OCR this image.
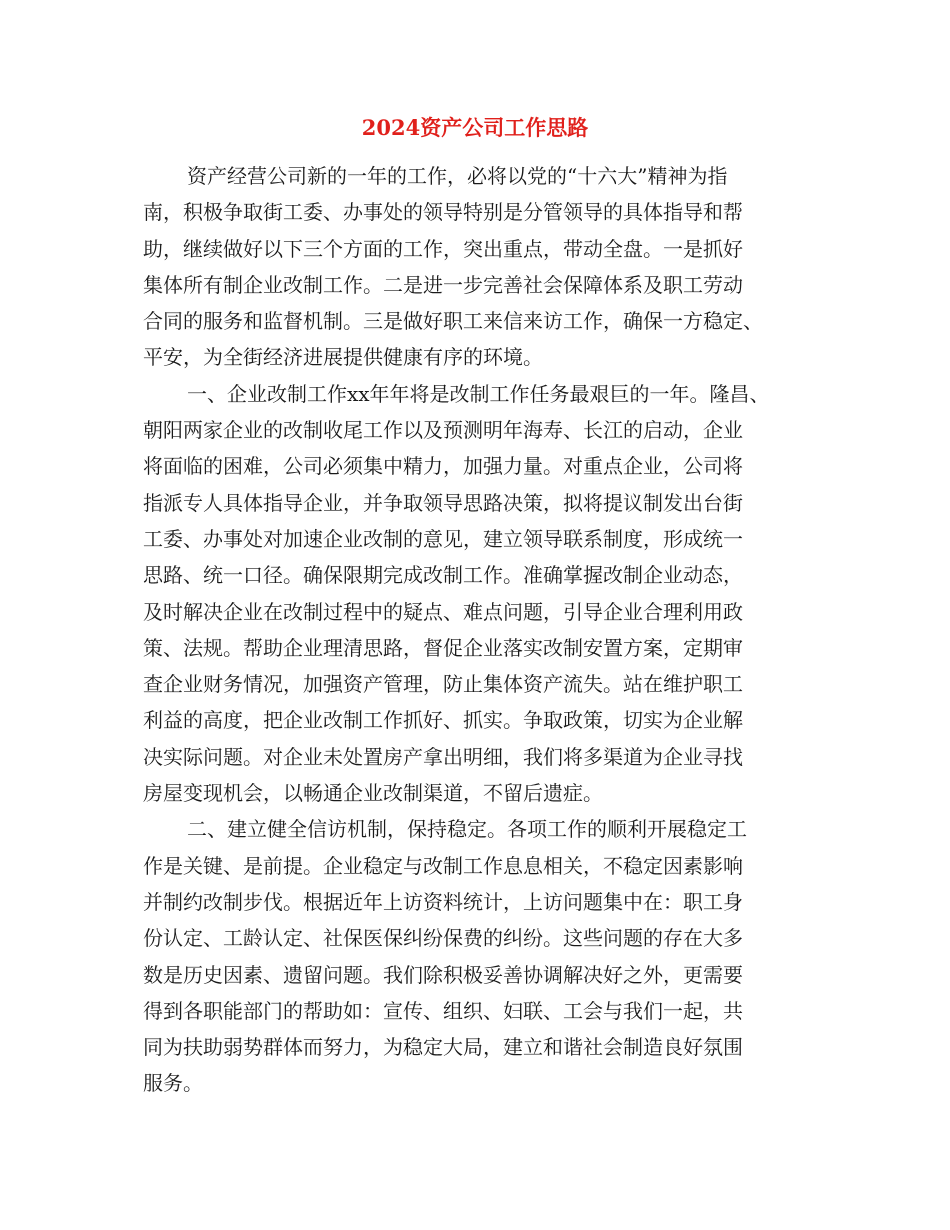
2024资产公司工作思路
资产经营公司新的一年的工作，必将以党的“十六大”精神为指
南，积极争取街工委、办事处的领导特别是分管领导的具体指导和帮
助，继续做好以下三个方面的工作，突出重点，带动全盘。一是抓好
集体所有制企业改制工作。二是进一步完善社会保障体系及职工劳动
合同的服务和监督机制。三是做好职工来信来访工作，确保一方稳定、
平安，为全街经济进展提供健康有序的环境。
一、企业改制工作xx年年将是改制工作任务最艰巨的一年。隆昌、
朝阳两家企业的改制收尾工作以及预测明年海寿、长江的启动，企业
将面临的困难，公司必须集中精力，加强力量。对重点企业，公司将
指派专人具体指导企业，并争取领导思路决策，拟将提议制发出台街
工委、办事处对加速企业改制的意见，建立领导联系制度，形成统一
思路、统一口径。确保限期完成改制工作。准确掌握改制企业动态，
及时解决企业在改制过程中的疑点、难点问题，引导企业合理利用政
策、法规。帮助企业理清思路，督促企业落实改制安置方案，定期审
查企业财务情况，加强资产管理，防止集体资产流失。站在维护职工
利益的高度，把企业改制工作抓好、抓实。争取政策，切实为企业解
决实际问题。对企业未处置房产拿出明细，我们将多渠道为企业寻找
房屋变现机会，以畅通企业改制渠道，不留后遗症。
二、建立健全信访机制，保持稳定。各项工作的顺利开展稳定工
作是关键、是前提。企业稳定与改制工作息息相关，不稳定因素影响
并制约改制步伐。根据近年上访资料统计，上访问题集中在：职工身
份认定、工龄认定、社保医保纠纷保费的纠纷。这些问题的存在大多
数是历史因素、遗留问题。我们除积极妥善协调解决好之外，更需要
得到各职能部门的帮助如：宣传、组织、妇联、工会与我们一起，共
同为扶助弱势群体而努力，为稳定大局，建立和谐社会制造良好氛围
服务。
